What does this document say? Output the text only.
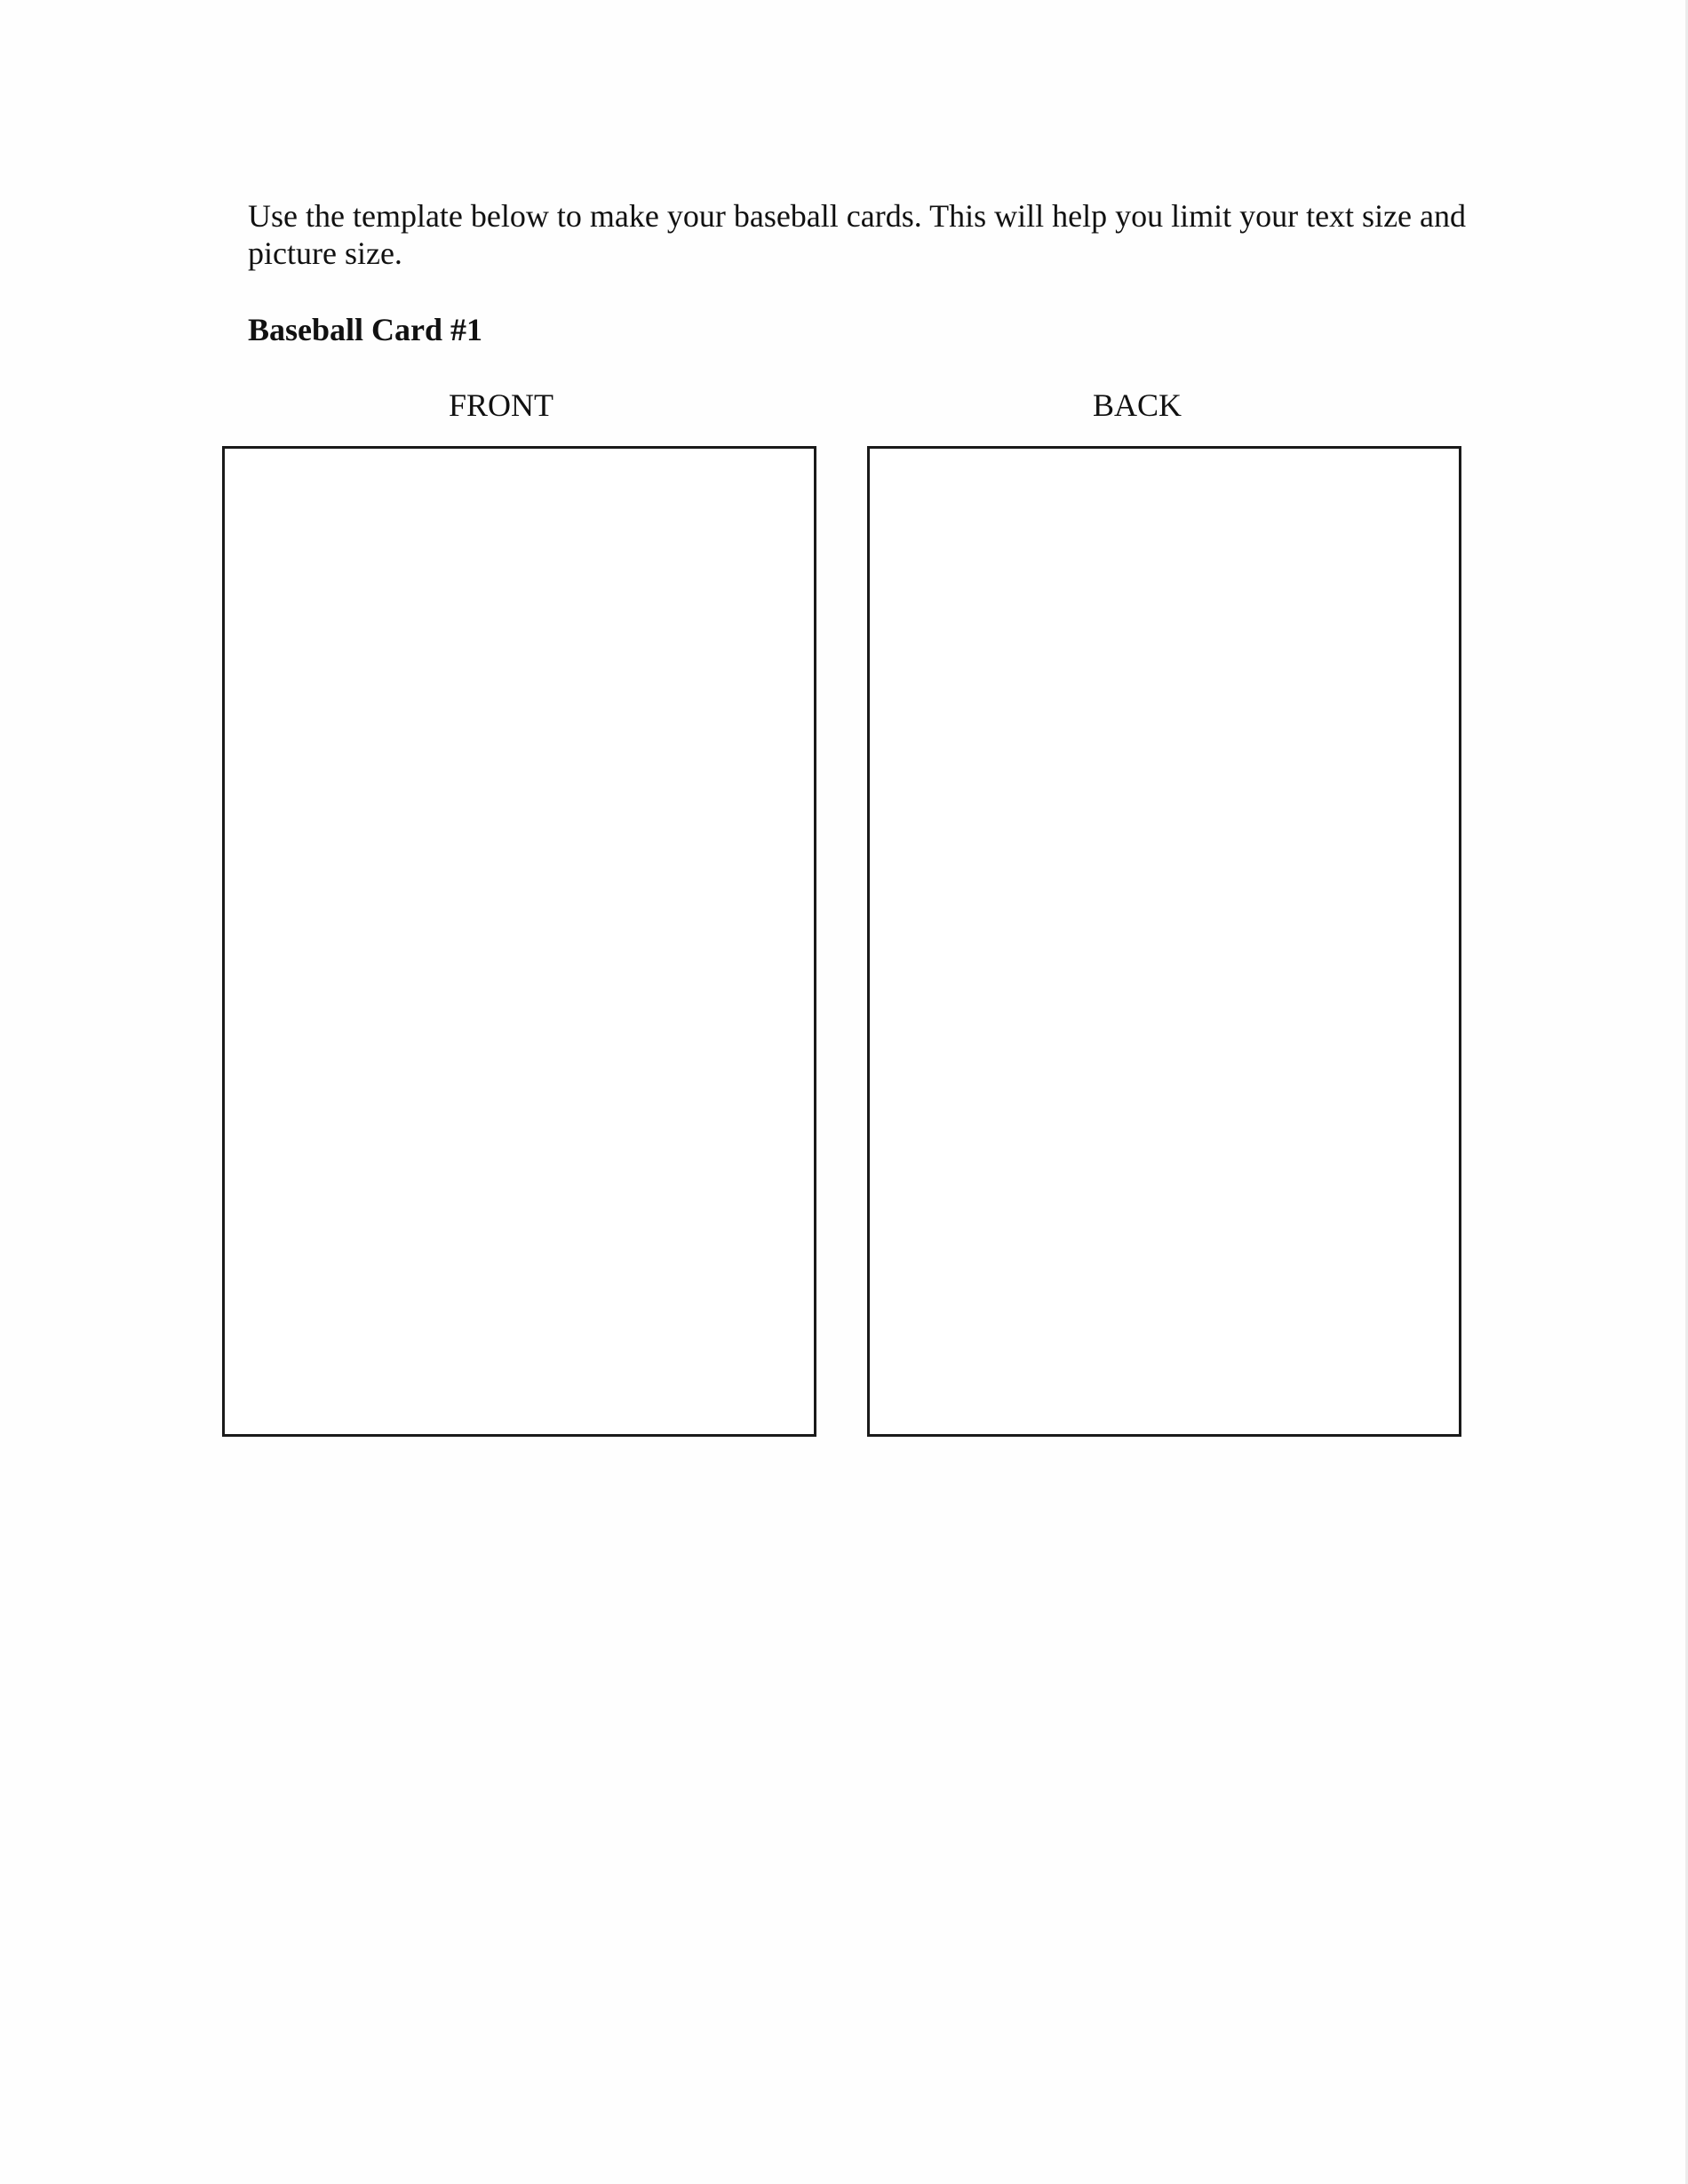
Use the template below to make your baseball cards. This will help you limit your text size and picture size.

Baseball Card #1
FRONT	BACK
